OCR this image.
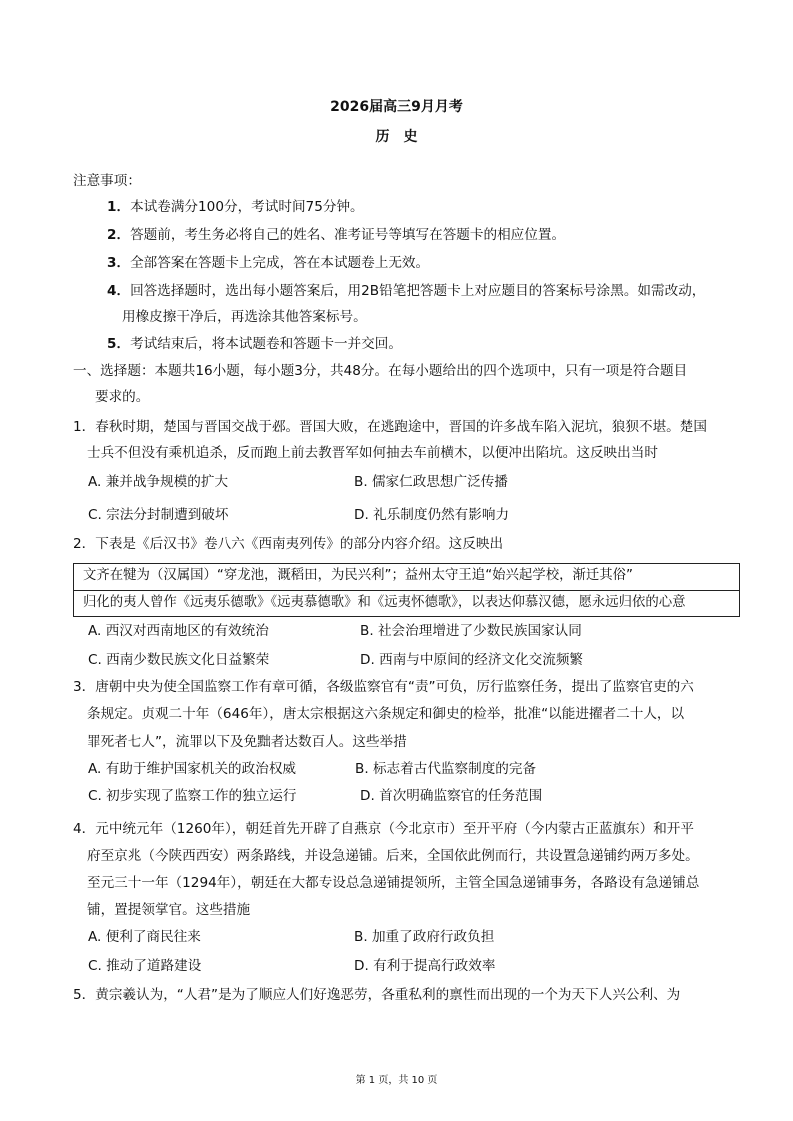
2026届高三9月月考
历　史
注意事项：
1．本试卷满分100分，考试时间75分钟。
2．答题前，考生务必将自己的姓名、准考证号等填写在答题卡的相应位置。
3．全部答案在答题卡上完成，答在本试题卷上无效。
4．回答选择题时，选出每小题答案后，用2B铅笔把答题卡上对应题目的答案标号涂黑。如需改动，
用橡皮擦干净后，再选涂其他答案标号。
5．考试结束后，将本试题卷和答题卡一并交回。
一、选择题：本题共16小题，每小题3分，共48分。在每小题给出的四个选项中，只有一项是符合题目
要求的。
1．春秋时期，楚国与晋国交战于邲。晋国大败，在逃跑途中，晋国的许多战车陷入泥坑，狼狈不堪。楚国
士兵不但没有乘机追杀，反而跑上前去教晋军如何抽去车前横木，以便冲出陷坑。这反映出当时
A. 兼并战争规模的扩大	B. 儒家仁政思想广泛传播
C. 宗法分封制遭到破坏	D. 礼乐制度仍然有影响力
2．下表是《后汉书》卷八六《西南夷列传》的部分内容介绍。这反映出
文齐在犍为（汉属国）“穿龙池，溉稻田，为民兴利”；益州太守王追“始兴起学校，渐迁其俗”
归化的夷人曾作《远夷乐德歌》《远夷慕德歌》和《远夷怀德歌》，以表达仰慕汉德，愿永远归依的心意
A. 西汉对西南地区的有效统治	B. 社会治理增进了少数民族国家认同
C. 西南少数民族文化日益繁荣	D. 西南与中原间的经济文化交流频繁
3．唐朝中央为使全国监察工作有章可循，各级监察官有“责”可负，厉行监察任务，提出了监察官吏的六
条规定。贞观二十年（646年），唐太宗根据这六条规定和御史的检举，批准“以能进擢者二十人，以
罪死者七人”，流罪以下及免黜者达数百人。这些举措
A. 有助于维护国家机关的政治权威	B. 标志着古代监察制度的完备
C. 初步实现了监察工作的独立运行	D. 首次明确监察官的任务范围
4．元中统元年（1260年），朝廷首先开辟了自燕京（今北京市）至开平府（今内蒙古正蓝旗东）和开平
府至京兆（今陕西西安）两条路线，并设急递铺。后来，全国依此例而行，共设置急递铺约两万多处。
至元三十一年（1294年），朝廷在大都专设总急递铺提领所，主管全国急递铺事务，各路设有急递铺总
铺，置提领掌官。这些措施
A. 便利了商民往来	B. 加重了政府行政负担
C. 推动了道路建设	D. 有利于提高行政效率
5．黄宗羲认为，“人君”是为了顺应人们好逸恶劳，各重私利的禀性而出现的一个为天下人兴公利、为
第 1 页，共 10 页
